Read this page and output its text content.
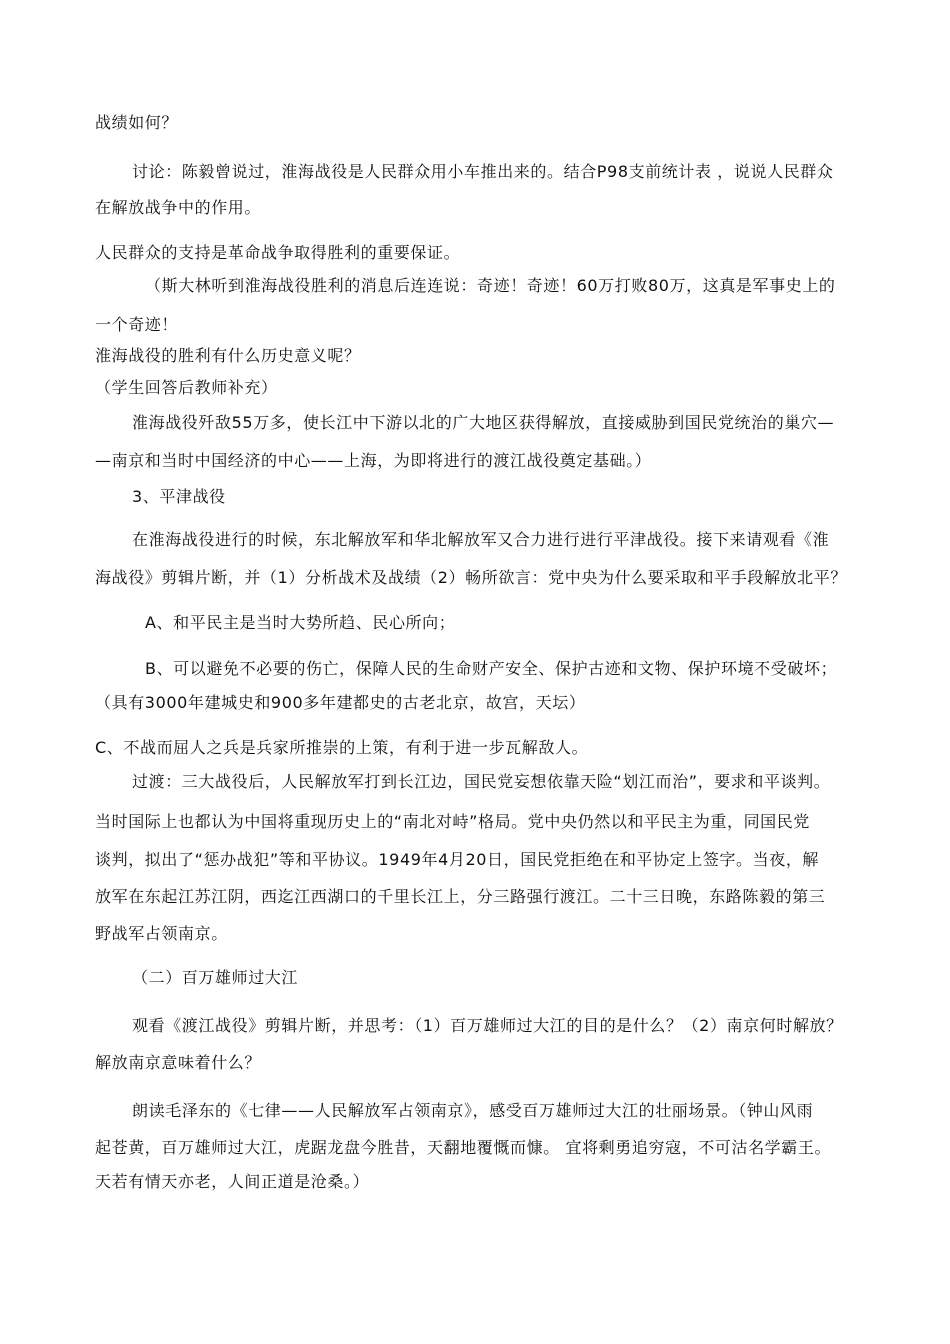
战绩如何？
讨论：陈毅曾说过，淮海战役是人民群众用小车推出来的。结合P98支前统计表 ，说说人民群众
在解放战争中的作用。
人民群众的支持是革命战争取得胜利的重要保证。
（斯大林听到淮海战役胜利的消息后连连说：奇迹！奇迹！60万打败80万，这真是军事史上的
一个奇迹！
淮海战役的胜利有什么历史意义呢？
（学生回答后教师补充）
淮海战役歼敌55万多，使长江中下游以北的广大地区获得解放，直接威胁到国民党统治的巢穴—
—南京和当时中国经济的中心——上海，为即将进行的渡江战役奠定基础。）
3、平津战役
在淮海战役进行的时候，东北解放军和华北解放军又合力进行进行平津战役。接下来请观看《淮
海战役》剪辑片断，并（1）分析战术及战绩（2）畅所欲言：党中央为什么要采取和平手段解放北平？
A、和平民主是当时大势所趋、民心所向；
B、可以避免不必要的伤亡，保障人民的生命财产安全、保护古迹和文物、保护环境不受破坏；
（具有3000年建城史和900多年建都史的古老北京，故宫，天坛）
C、不战而屈人之兵是兵家所推崇的上策，有利于进一步瓦解敌人。
过渡：三大战役后，人民解放军打到长江边，国民党妄想依靠天险“划江而治”，要求和平谈判。
当时国际上也都认为中国将重现历史上的“南北对峙”格局。党中央仍然以和平民主为重，同国民党
谈判，拟出了“惩办战犯”等和平协议。1949年4月20日，国民党拒绝在和平协定上签字。当夜，解
放军在东起江苏江阴，西迄江西湖口的千里长江上，分三路强行渡江。二十三日晚，东路陈毅的第三
野战军占领南京。
（二）百万雄师过大江
观看《渡江战役》剪辑片断，并思考：（1）百万雄师过大江的目的是什么？（2）南京何时解放？
解放南京意味着什么？
朗读毛泽东的《七律——人民解放军占领南京》，感受百万雄师过大江的壮丽场景。（钟山风雨
起苍黄，百万雄师过大江，虎踞龙盘今胜昔，天翻地覆慨而慷。 宜将剩勇追穷寇，不可沽名学霸王。
天若有情天亦老，人间正道是沧桑。）
